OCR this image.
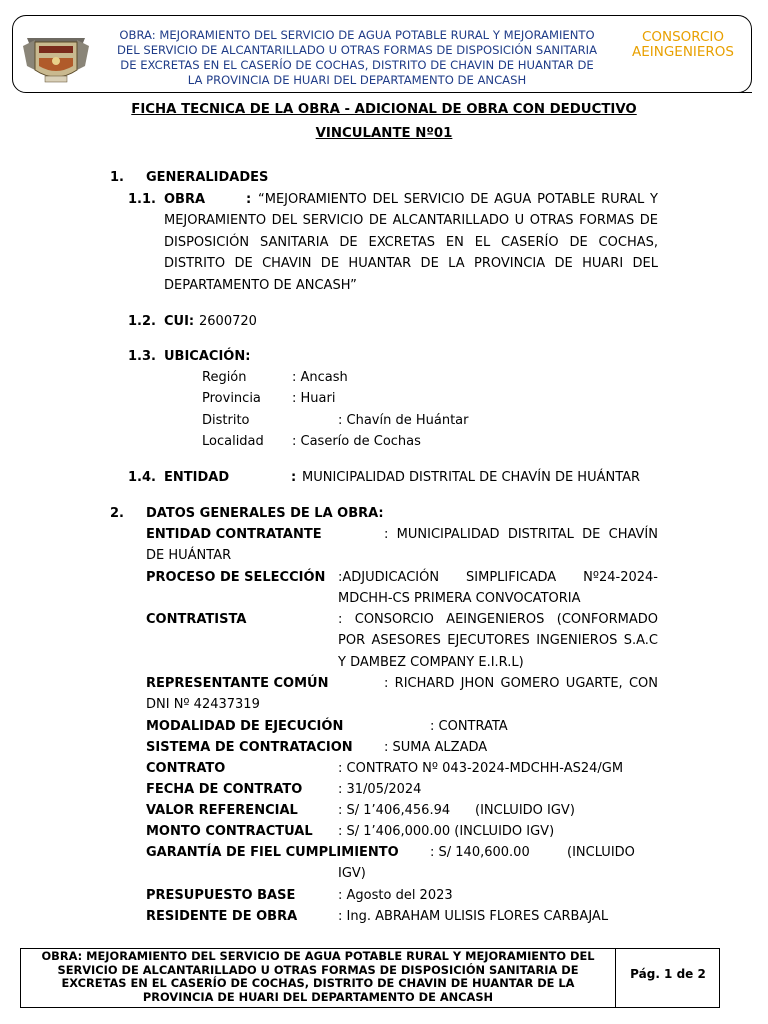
OBRA: MEJORAMIENTO DEL SERVICIO DE AGUA POTABLE RURAL Y MEJORAMIENTO
DEL SERVICIO DE ALCANTARILLADO U OTRAS FORMAS DE DISPOSICIÓN SANITARIA
DE EXCRETAS EN EL CASERÍO DE COCHAS, DISTRITO DE CHAVIN DE HUANTAR DE
LA PROVINCIA DE HUARI DEL DEPARTAMENTO DE ANCASH
CONSORCIO
AEINGENIEROS
FICHA TECNICA DE LA OBRA - ADICIONAL DE OBRA CON DEDUCTIVO
VINCULANTE Nº01
1. GENERALIDADES
1.1. OBRA	: “MEJORAMIENTO DEL SERVICIO DE AGUA POTABLE RURAL Y
MEJORAMIENTO DEL SERVICIO DE ALCANTARILLADO U OTRAS FORMAS DE
DISPOSICIÓN SANITARIA DE EXCRETAS EN EL CASERÍO DE COCHAS,
DISTRITO DE CHAVIN DE HUANTAR DE LA PROVINCIA DE HUARI DEL
DEPARTAMENTO DE ANCASH”
1.2. CUI: 2600720
1.3. UBICACIÓN:
Región	: Ancash
Provincia : Huari
Distrito	: Chavín de Huántar
Localidad : Caserío de Cochas
1.4. ENTIDAD	: MUNICIPALIDAD DISTRITAL DE CHAVÍN DE HUÁNTAR
2. DATOS GENERALES DE LA OBRA:
ENTIDAD CONTRATANTE	: MUNICIPALIDAD DISTRITAL DE CHAVÍN
DE HUÁNTAR
PROCESO DE SELECCIÓN :ADJUDICACIÓN SIMPLIFICADA Nº24-2024-
MDCHH-CS PRIMERA CONVOCATORIA
CONTRATISTA	: CONSORCIO AEINGENIEROS (CONFORMADO
POR ASESORES EJECUTORES INGENIEROS S.A.C
Y DAMBEZ COMPANY E.I.R.L)
REPRESENTANTE COMÚN	: RICHARD JHON GOMERO UGARTE, CON
DNI Nº 42437319
MODALIDAD DE EJECUCIÓN	: CONTRATA
SISTEMA DE CONTRATACION : SUMA ALZADA
CONTRATO	: CONTRATO Nº 043-2024-MDCHH-AS24/GM
FECHA DE CONTRATO	: 31/05/2024
VALOR REFERENCIAL	: S/ 1’406,456.94 (INCLUIDO IGV)
MONTO CONTRACTUAL : S/ 1’406,000.00 (INCLUIDO IGV)
GARANTÍA DE FIEL CUMPLIMIENTO : S/ 140,600.00	(INCLUIDO
IGV)
PRESUPUESTO BASE	: Agosto del 2023
RESIDENTE DE OBRA	: Ing. ABRAHAM ULISIS FLORES CARBAJAL
OBRA: MEJORAMIENTO DEL SERVICIO DE AGUA POTABLE RURAL Y MEJORAMIENTO DEL
SERVICIO DE ALCANTARILLADO U OTRAS FORMAS DE DISPOSICIÓN SANITARIA DE
EXCRETAS EN EL CASERÍO DE COCHAS, DISTRITO DE CHAVIN DE HUANTAR DE LA
PROVINCIA DE HUARI DEL DEPARTAMENTO DE ANCASH
Pág. 1 de 2
